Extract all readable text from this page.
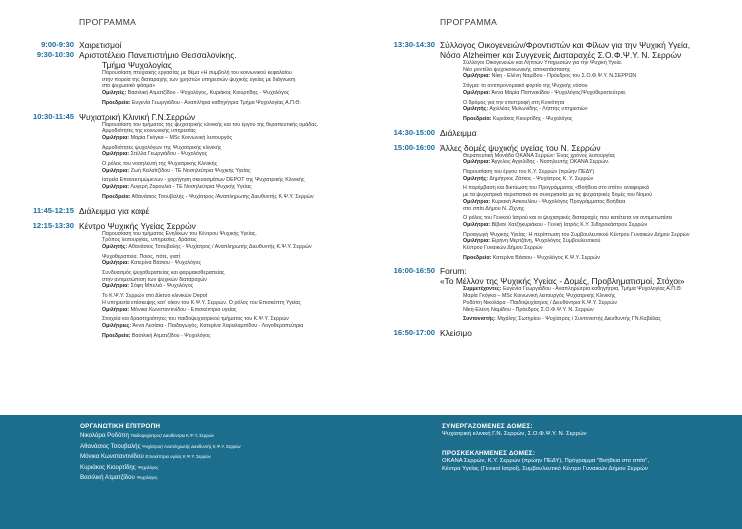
ΠΡΟΓΡΑΜΜΑ
9:00-9:30 Χαιρετισμοί
9:30-10:30 Αριστοτέλειο Πανεπιστήμιο Θεσσαλονίκης.
Τμήμα Ψυχολογίας
Παρουσίαση πτυχιακής εργασίας με θέμα «Η συμβολή του κοινωνικού κεφαλαίου
στην πορεία της διαταραχής των χρηστών υπηρεσιών ψυχικής υγείας με διάγνωση
στο ψυχωσικό φάσμα»
Ομιλητές: Βασιλική Ατματζίδου - Ψυχολόγος, Κυριάκος Κιουρτίδης - Ψυχολόγος
Προεδρεία: Ευγενία Γεωργιάδου - Αναπλ/τρια καθηγήτρια Τμήμα Ψυχολογίας Α.Π.Θ.
10:30-11:45 Ψυχιατρική Κλινική Γ.Ν.Σερρών
Παρουσίαση του τμήματος της ψυχιατρικής κλινικής και του έργου της θεραπευτικής ομάδας.
Αρμοδιότητες της κοινωνικής υπηρεσίας
Ομιλήτρια: Μαρία Γκόγκα – MSc Κοινωνική λειτουργός
Αρμοδιότητες ψυχολόγων της Ψυχιατρικής κλινικής
Ομιλήτρια: Στέλλα Γεωργιάδου - Ψυχολόγος
Ο ρόλος του νοσηλευτή της Ψυχιατρικής Κλινικής
Ομιλήτρια: Ζωή Καλαϊτζίδου - ΤΕ Νοσηλεύτρια Ψυχικής Υγείας
Ιατρεία Επανεκτιμώμενων - χορήγηση σκευασμάτων DEPOT της Ψυχιατρικής Κλινικής
Ομιλήτρια: Λυγερή Ζαρουλιά - ΤΕ Νοσηλεύτρια Ψυχικής Υγείας
Προεδρεία: Αθανάσιος Τσουβαλής - Ψυχίατρος /Αναπληρωτής Διευθυντής Κ.Ψ.Υ. Σερρών
11:45-12:15 Διάλειμμα για καφέ
12:15-13:30 Κέντρο Ψυχικής Υγείας Σερρών
Παρουσίαση του τμήματος Ενηλίκων του Κέντρου Ψυχικής Υγείας.
Τρόπος λειτουργίας, υπηρεσίες, δράσεις
Ομιλητής: Αθανάσιος Τσουβαλής - Ψυχίατρος / Αναπληρωτής Διευθυντής Κ.Ψ.Υ. Σερρών
Ψυχοθεραπεία. Ποιος, πότε, γιατί
Ομιλήτρια: Κατερίνα Βάσιου - Ψυχολόγος
Συνδυασμός ψυχοθεραπείας και φαρμακοθεραπείας
στην αντιμετώπιση των ψυχικών διαταραχών
Ομιλήτρια: Σόφη Μπελιά - Ψυχολόγος
Το Κ.Ψ.Υ. Σερρών στο Δίκτυο κλινικών Depot
Η υπηρεσία επίσκεψης κατ' οίκον του Κ.Ψ.Υ. Σερρών. Ο ρόλος του Επισκέπτη Υγείας
Ομιλήτρια: Μόνικα Κωνσταντινίδου - Επισκέπτρια υγείας
Στοιχεία και δραστηριότητες του παιδοψυχιατρικού τμήματος του Κ.Ψ.Υ. Σερρών
Ομιλήτριες: Άννα Λεσίσια - Παιδαγωγός, Κατερίνα Χαραλαμπίδου - Λογοθεραπεύτρια
Προεδρεία: Βασιλική Ατματζίδου - Ψυχολόγος
ΠΡΟΓΡΑΜΜΑ
13:30-14:30 Σύλλογος Οικογενειών/Φροντιστών και Φίλων για την Ψυχική Υγεία,
Νόσο Alzheimer και Συγγενείς Διαταραχές Σ.Ο.Φ.Ψ.Υ. Ν. Σερρών
Σύλλογοι Οικογενειών και Λήπτών Υπηρεσιών για την Ψυχική Υγεία.
Νέο μοντέλο ψυχοκοινωνικής αποκατάστασης
Ομιλήτρια: Νίκη - Ελένη Ναμίδου - Πρόεδρος του Σ.Ο.Φ.Ψ.Υ. Ν.ΣΕΡΡΩΝ
Στίγμα: το αντιπρονομιακό φορτίο της Ψυχικής νόσου
Ομιλήτρια: Άννα Μαρία Παπνακίδου - Ψυχολόγος/Ψυχοθεραπεύτρια.
Ο δρόμος για την επιστροφή στη Κοινότητα
Ομιλητής: Αχιλλέας Μυλωνίδης - Λήπτης υπηρεσιών
Προεδρεία: Κυριάκος Κιουρτίδης - Ψυχολόγος
14:30-15:00 Διάλειμμα
15:00-16:00 Άλλες δομές ψυχικής υγείας του Ν. Σερρών
Θεραπευτική Μονάδα ΟΚΑΝΑ Σερρών: Ένας χρόνος λειτουργίας
Ομιλήτρια: Άγγελος Αγγελίδης - Νοσηλευτής ΟΚΑΝΑ Σερρών.
Παρουσίαση του έργου του Κ.Υ. Σερρών (πρώην ΠΕΔΥ)
Ομιλητής: Δημήτριος Ζάτκος - Ψυχίατρος Κ. Υ. Σερρών
Η παρέμβαση και δικτύωση του Προγράμματος «Βοήθεια στο σπίτι» αναφορικά
με τα ψυχιατρικά περιστατικά σε συνεργασία με τις ψυχιατρικές δομές του Νομού
Ομιλήτρια: Κυριακή Ασκουλίου - Ψυχολόγος Προγράμματος Βοήθεια
στο σπίτι Δήμου Ν. Ζίχνης
Ο ρόλος του Γενικού Ιατρού και οι ψυχιατρικές διαταραχές που κατέτειτα να αντιμετωπίσει
Ομιλήτρια: Βίβιαν Χατζηκυριάκου - Γενική Ιατρός Κ.Υ. Σιδηροκάστρου Σερρών
Προαγωγή Ψυχικής Υγείας: Η περίπτωση του Συμβουλευτικού Κέντρου Γυναικών Δήμου Σερρών
Ομιλήτρια: Ειρήνη Μερτζάνη, Ψυχολόγος Συμβουλευτικού
Κέντρου Γυναικών Δήμου Σερρών
Προεδρεία: Κατερίνα Βάσιου - Ψυχολόγος Κ.Ψ.Υ. Σερρών
16:00-16:50 Forum:
«Το Μέλλον της Ψυχικής Υγείας - Δομές, Προβληματισμοί, Στόχοι»
Συμμετέχοντες: Ευγενία Γεωργιάδου - Αναπληρώτρια καθηγήτρια, Τμήμα Ψυχολογίας Α.Π.Θ.
Μαρία Γκόγκα – MSc Κοινωνική λειτουργός Ψυχιατρικής Κλινικής
Ροδόπη Νικολάρα - Παιδοψυχίατρος / Διευθύντρια Κ.Ψ.Υ. Σερρών
Νίκη-Ελένη Ναμίδου - Πρόεδρος Σ.Ο.Φ.Ψ.Υ. Ν. Σερρών
Συντονιστής: Μιχάλης Σωτηρίου - Ψυχίατρος / Συντονιστής Διευθυντής ΓΝ.Καβάλας
16:50-17:00 Κλείσιμο
ΟΡΓΑΝΩΤΙΚΗ ΕΠΙΤΡΟΠΗ
Νικολάρα Ροδόπη Παιδοψυχίατρος/ Διευθύντρια Κ.Ψ.Υ. Σερρών
Αθανάσιος Τσουβαλής Ψυχίατρος/ Αναπληρωτής Διευθυντής Κ.Ψ.Υ. Σερρών
Μόνικα Κωνσταντινίδου Επισκέπτρια υγείας Κ.Ψ.Υ. Σερρών
Κυριάκος Κιουρτίδης Ψυχολόγος
Βασιλική Ατματζίδου Ψυχολόγος
ΣΥΝΕΡΓΑΖΟΜΕΝΕΣ ΔΟΜΕΣ:
Ψυχιατρική κλινική Γ.Ν. Σερρών, Σ.Ο.Φ.Ψ.Υ. Ν. Σερρών
ΠΡΟΣΚΕΚΛΗΜΕΝΕΣ ΔΟΜΕΣ:
ΟΚΑΝΑ Σερρών, Κ.Υ. Σερρών (πρώην ΠΕΔΥ), Πρόγραμμα "Βοήθεια στο σπίτι",
Κέντρα Υγείας (Γενικοί Ιατροί), Συμβουλευτικό Κέντρο Γυναικών Δήμου Σερρών
